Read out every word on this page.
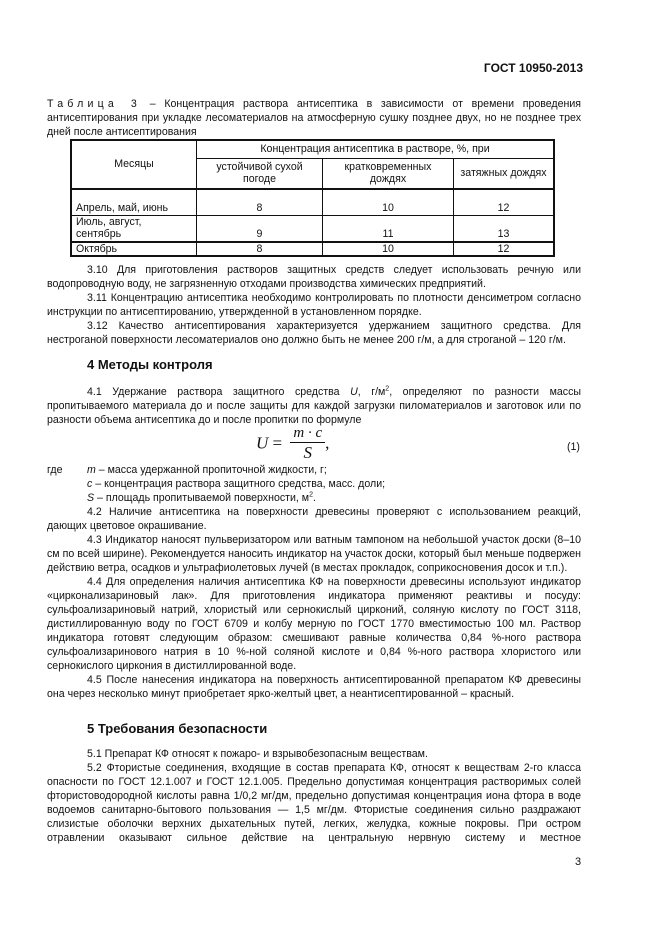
ГОСТ 10950-2013

Таблица 3 – Концентрация раствора антисептика в зависимости от времени проведения антисептирования при укладке лесоматериалов на атмосферную сушку позднее двух, но не позднее трех дней после антисептирования

Месяцы	Концентрация антисептика в растворе, %, при		
	устойчивой сухой погоде	кратковременных дождях	затяжных дождях
Апрель, май, июнь	8	10	12
Июль, август, сентябрь	9	11	13
Октябрь	8	10	12

3.10 Для приготовления растворов защитных средств следует использовать речную или водопроводную воду, не загрязненную отходами производства химических предприятий.

3.11 Концентрацию антисептика необходимо контролировать по плотности денсиметром согласно инструкции по антисептированию, утвержденной в установленном порядке.

3.12 Качество антисептирования характеризуется удержанием защитного средства. Для нестроганой поверхности лесоматериалов оно должно быть не менее 200 г/м, а для строганой – 120 г/м.

4 Методы контроля

4.1 Удержание раствора защитного средства U, $г/м^2$, определяют по разности массы пропитываемого материала до и после защиты для каждой загрузки пиломатериалов и заготовок или по разности объема антисептика до и после пропитки по формуле

$U = \frac{m \cdot c}{S}$ ,	(1)
где m – масса удержанной пропиточной жидкости, г;
c – концентрация раствора защитного средства, масс. доли;
S – площадь пропитываемой поверхности, $м^2$.

4.2 Наличие антисептика на поверхности древесины проверяют с использованием реакций, дающих цветовое окрашивание.

4.3 Индикатор наносят пульверизатором или ватным тампоном на небольшой участок доски (8–10 см по всей ширине). Рекомендуется наносить индикатор на участок доски, который был меньше подвержен действию ветра, осадков и ультрафиолетовых лучей (в местах прокладок, соприкосновения досок и т.п.).

4.4 Для определения наличия антисептика КФ на поверхности древесины используют индикатор «цирконализариновый лак». Для приготовления индикатора применяют реактивы и посуду: сульфоализариновый натрий, хлористый или сернокислый цирконий, соляную кислоту по ГОСТ 3118, дистиллированную воду по ГОСТ 6709 и колбу мерную по ГОСТ 1770 вместимостью 100 мл. Раствор индикатора готовят следующим образом: смешивают равные количества 0,84 %-ного раствора сульфоализаринового натрия в 10 %-ной соляной кислоте и 0,84 %-ного раствора хлористого или сернокислого циркония в дистиллированной воде.

4.5 После нанесения индикатора на поверхность антисептированной препаратом КФ древесины она через несколько минут приобретает ярко-желтый цвет, а неантисептированной – красный.

5 Требования безопасности

5.1 Препарат КФ относят к пожаро- и взрывобезопасным веществам.

5.2 Фтористые соединения, входящие в состав препарата КФ, относят к веществам 2-го класса опасности по ГОСТ 12.1.007 и ГОСТ 12.1.005. Предельно допустимая концентрация растворимых солей фтористоводородной кислоты равна 1/0,2 мг/дм, предельно допустимая концентрация иона фтора в воде водоемов санитарно-бытового пользования — 1,5 мг/дм. Фтористые соединения сильно раздражают слизистые оболочки верхних дыхательных путей, легких, желудка, кожные покровы. При остром отравлении оказывают сильное действие на центральную нервную систему и местное

3
